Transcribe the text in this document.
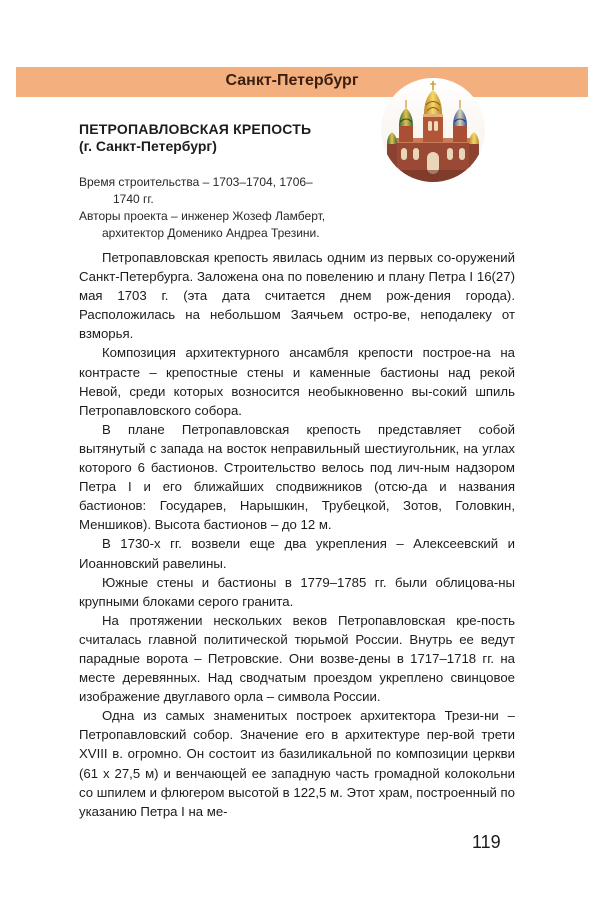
Санкт-Петербург
ПЕТРОПАВЛОВСКАЯ КРЕПОСТЬ
(г. Санкт-Петербург)
Время строительства – 1703–1704, 1706–
1740 гг.
Авторы проекта – инженер Жозеф Ламберт,
архитектор Доменико Андреа Трезини.

Петропавловская крепость явилась одним из первых со-оружений Санкт-Петербурга. Заложена она по повелению и плану Петра I 16(27) мая 1703 г. (эта дата считается днем рож-дения города). Расположилась на небольшом Заячьем остро-ве, неподалеку от взморья.

Композиция архитектурного ансамбля крепости построе-на на контрасте – крепостные стены и каменные бастионы над рекой Невой, среди которых возносится необыкновенно вы-сокий шпиль Петропавловского собора.

В плане Петропавловская крепость представляет собой вытянутый с запада на восток неправильный шестиугольник, на углах которого 6 бастионов. Строительство велось под лич-ным надзором Петра I и его ближайших сподвижников (отсю-да и названия бастионов: Государев, Нарышкин, Трубецкой, Зотов, Головкин, Меншиков). Высота бастионов – до 12 м.

В 1730-х гг. возвели еще два укрепления – Алексеевский и Иоанновский равелины.

Южные стены и бастионы в 1779–1785 гг. были облицова-ны крупными блоками серого гранита.

На протяжении нескольких веков Петропавловская кре-пость считалась главной политической тюрьмой России. Внутрь ее ведут парадные ворота – Петровские. Они возве-дены в 1717–1718 гг. на месте деревянных. Над сводчатым проездом укреплено свинцовое изображение двуглавого орла – символа России.

Одна из самых знаменитых построек архитектора Трези-ни – Петропавловский собор. Значение его в архитектуре пер-вой трети XVIII в. огромно. Он состоит из базиликальной по композиции церкви (61 х 27,5 м) и венчающей ее западную часть громадной колокольни со шпилем и флюгером высотой в 122,5 м. Этот храм, построенный по указанию Петра I на ме-

119
